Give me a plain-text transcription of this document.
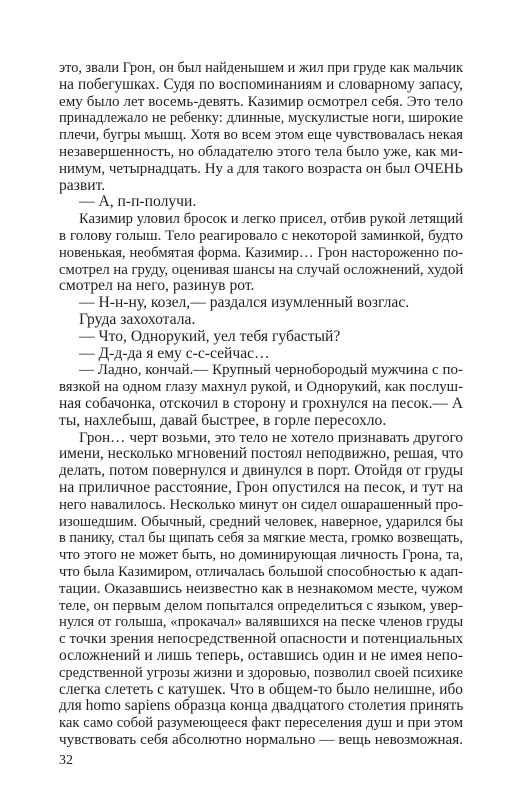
это, звали Грон, он был найденышем и жил при груде как мальчик
на побегушках. Судя по воспоминаниям и словарному запасу,
ему было лет восемь-девять. Казимир осмотрел себя. Это тело
принадлежало не ребенку: длинные, мускулистые ноги, широкие
плечи, бугры мышц. Хотя во всем этом еще чувствовалась некая
незавершенность, но обладателю этого тела было уже, как ми-
нимум, четырнадцать. Ну а для такого возраста он был ОЧЕНЬ
развит.
— А, п-п-получи.
Казимир уловил бросок и легко присел, отбив рукой летящий
в голову голыш. Тело реагировало с некоторой заминкой, будто
новенькая, необмятая форма. Казимир… Грон настороженно по-
смотрел на груду, оценивая шансы на случай осложнений, худой
смотрел на него, разинув рот.
— Н-н-ну, козел,— раздался изумленный возглас.
Груда захохотала.
— Что, Однорукий, уел тебя губастый?
— Д-д-да я ему с-с-сейчас…
— Ладно, кончай.— Крупный чернобородый мужчина с по-
вязкой на одном глазу махнул рукой, и Однорукий, как послуш-
ная собачонка, отскочил в сторону и грохнулся на песок.— А
ты, нахлебыш, давай быстрее, в горле пересохло.
Грон… черт возьми, это тело не хотело признавать другого
имени, несколько мгновений постоял неподвижно, решая, что
делать, потом повернулся и двинулся в порт. Отойдя от груды
на приличное расстояние, Грон опустился на песок, и тут на
него навалилось. Несколько минут он сидел ошарашенный про-
изошедшим. Обычный, средний человек, наверное, ударился бы
в панику, стал бы щипать себя за мягкие места, громко возвещать,
что этого не может быть, но доминирующая личность Грона, та,
что была Казимиром, отличалась большой способностью к адап-
тации. Оказавшись неизвестно как в незнакомом месте, чужом
теле, он первым делом попытался определиться с языком, увер-
нулся от голыша, «прокачал» валявшихся на песке членов груды
с точки зрения непосредственной опасности и потенциальных
осложнений и лишь теперь, оставшись один и не имея непо-
средственной угрозы жизни и здоровью, позволил своей психике
слегка слететь с катушек. Что в общем-то было нелишне, ибо
для homo sapiens образца конца двадцатого столетия принять
как само собой разумеющееся факт переселения душ и при этом
чувствовать себя абсолютно нормально — вещь невозможная.
32
